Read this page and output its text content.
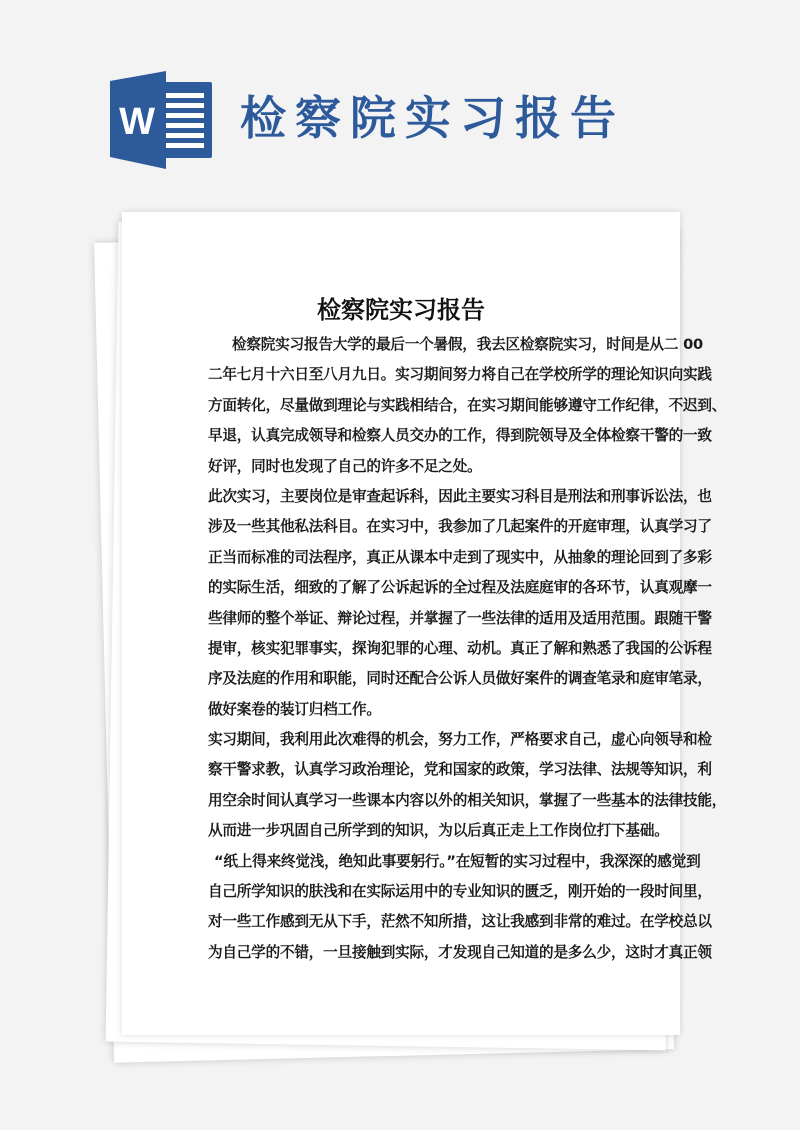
W 检察院实习报告
检察院实习报告
检察院实习报告大学的最后一个暑假，我去区检察院实习，时间是从二 00
二年七月十六日至八月九日。实习期间努力将自己在学校所学的理论知识向实践
方面转化，尽量做到理论与实践相结合，在实习期间能够遵守工作纪律，不迟到、
早退，认真完成领导和检察人员交办的工作，得到院领导及全体检察干警的一致
好评，同时也发现了自己的许多不足之处。
此次实习，主要岗位是审查起诉科，因此主要实习科目是刑法和刑事诉讼法，也
涉及一些其他私法科目。在实习中，我参加了几起案件的开庭审理，认真学习了
正当而标准的司法程序，真正从课本中走到了现实中，从抽象的理论回到了多彩
的实际生活，细致的了解了公诉起诉的全过程及法庭庭审的各环节，认真观摩一
些律师的整个举证、辩论过程，并掌握了一些法律的适用及适用范围。跟随干警
提审，核实犯罪事实，探询犯罪的心理、动机。真正了解和熟悉了我国的公诉程
序及法庭的作用和职能，同时还配合公诉人员做好案件的调查笔录和庭审笔录，
做好案卷的装订归档工作。
实习期间，我利用此次难得的机会，努力工作，严格要求自己，虚心向领导和检
察干警求教，认真学习政治理论，党和国家的政策，学习法律、法规等知识，利
用空余时间认真学习一些课本内容以外的相关知识，掌握了一些基本的法律技能，
从而进一步巩固自己所学到的知识，为以后真正走上工作岗位打下基础。
“纸上得来终觉浅，绝知此事要躬行。”在短暂的实习过程中，我深深的感觉到
自己所学知识的肤浅和在实际运用中的专业知识的匮乏，刚开始的一段时间里，
对一些工作感到无从下手，茫然不知所措，这让我感到非常的难过。在学校总以
为自己学的不错，一旦接触到实际，才发现自己知道的是多么少，这时才真正领
